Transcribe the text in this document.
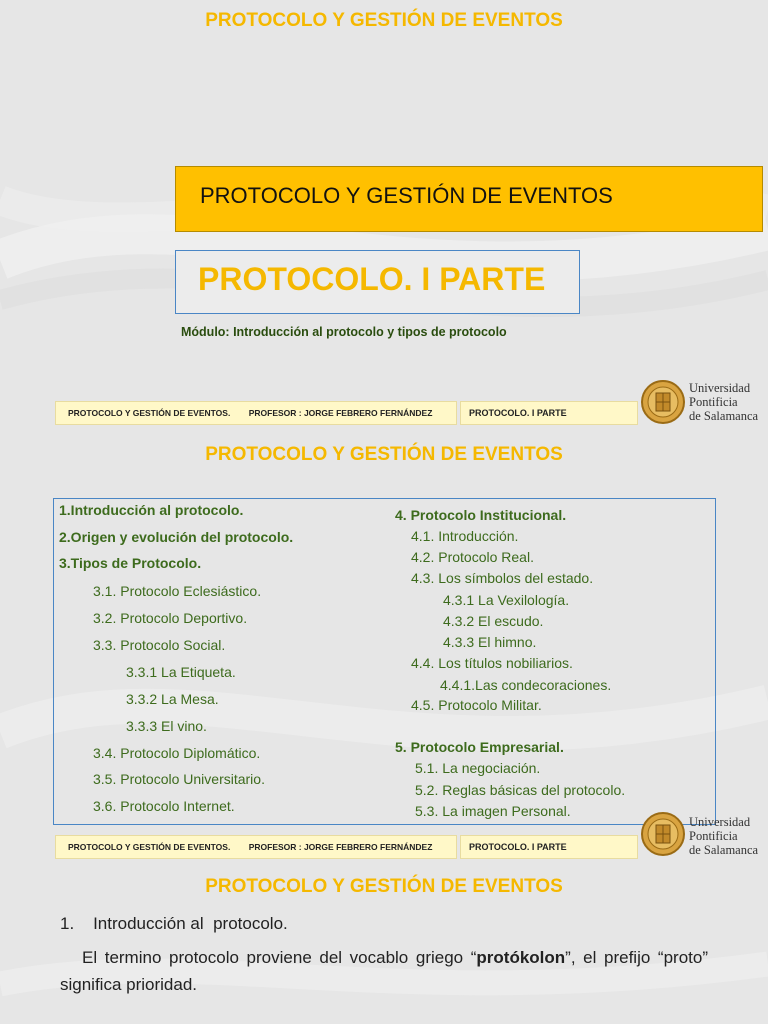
PROTOCOLO Y GESTIÓN DE EVENTOS
PROTOCOLO Y GESTIÓN DE EVENTOS
PROTOCOLO. I PARTE
Módulo: Introducción al protocolo y tipos de protocolo
PROTOCOLO Y GESTIÓN DE EVENTOS. PROFESOR : JORGE FEBRERO FERNÁNDEZ	PROTOCOLO. I PARTE
Universidad
Pontificia
de Salamanca
PROTOCOLO Y GESTIÓN DE EVENTOS
1.Introducción al protocolo.
2.Origen y evolución del protocolo.
3.Tipos de Protocolo.
3.1. Protocolo Eclesiástico.
3.2. Protocolo Deportivo.
3.3. Protocolo Social.
3.3.1 La Etiqueta.
3.3.2 La Mesa.
3.3.3 El vino.
3.4. Protocolo Diplomático.
3.5. Protocolo Universitario.
3.6. Protocolo Internet.
4. Protocolo Institucional.
4.1. Introducción.
4.2. Protocolo Real.
4.3. Los símbolos del estado.
4.3.1 La Vexilología.
4.3.2 El escudo.
4.3.3 El himno.
4.4. Los títulos nobiliarios.
4.4.1.Las condecoraciones.
4.5. Protocolo Militar.
5. Protocolo Empresarial.
5.1. La negociación.
5.2. Reglas básicas del protocolo.
5.3. La imagen Personal.
PROTOCOLO Y GESTIÓN DE EVENTOS. PROFESOR : JORGE FEBRERO FERNÁNDEZ	PROTOCOLO. I PARTE
Universidad
Pontificia
de Salamanca
PROTOCOLO Y GESTIÓN DE EVENTOS
1.    Introducción al  protocolo.
El termino protocolo proviene del vocablo griego “protókolon”, el prefijo “proto” significa prioridad.
